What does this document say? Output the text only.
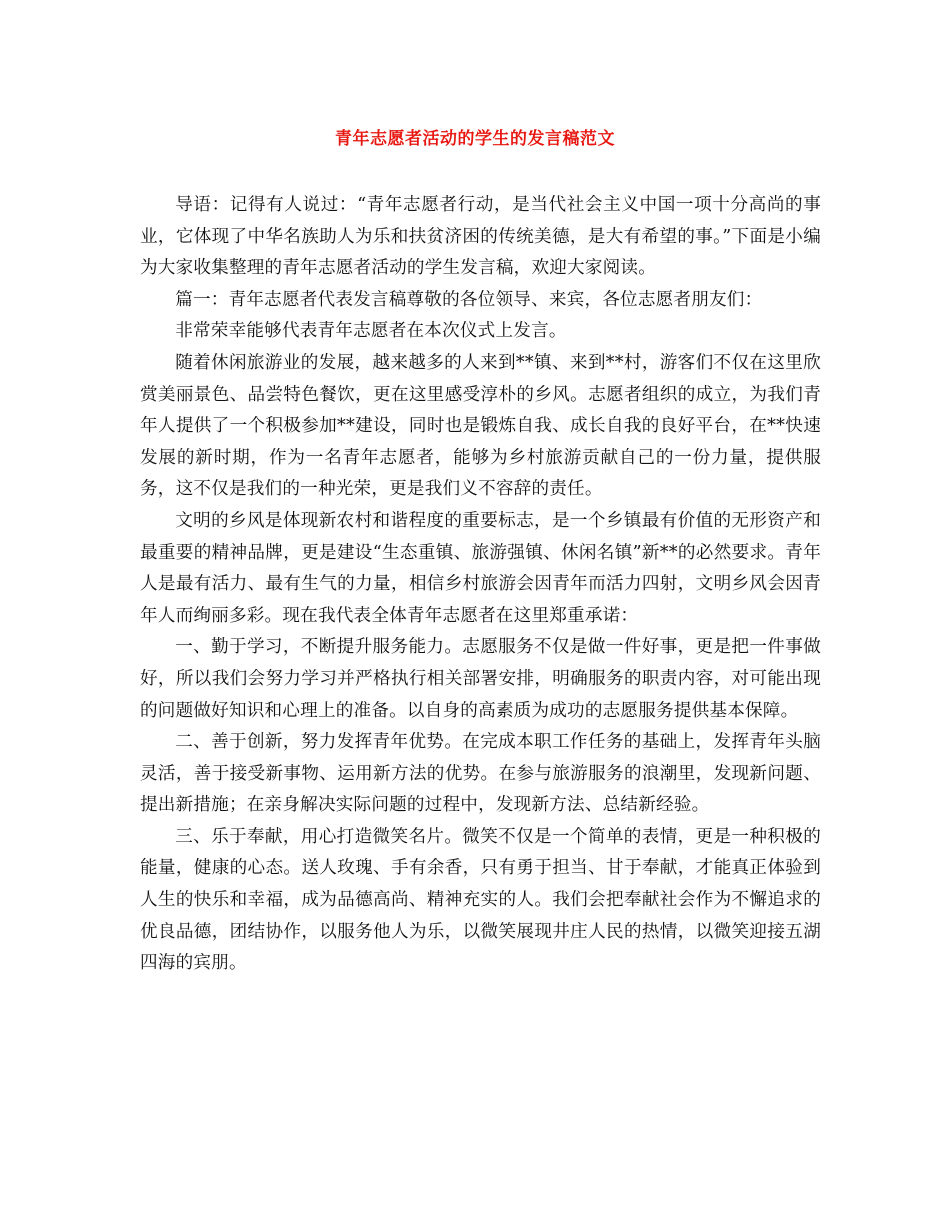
青年志愿者活动的学生的发言稿范文

导语：记得有人说过：“青年志愿者行动，是当代社会主义中国一项十分高尚的事业，它体现了中华名族助人为乐和扶贫济困的传统美德，是大有希望的事。”下面是小编为大家收集整理的青年志愿者活动的学生发言稿，欢迎大家阅读。

篇一：青年志愿者代表发言稿尊敬的各位领导、来宾，各位志愿者朋友们：

非常荣幸能够代表青年志愿者在本次仪式上发言。

随着休闲旅游业的发展，越来越多的人来到**镇、来到**村，游客们不仅在这里欣赏美丽景色、品尝特色餐饮，更在这里感受淳朴的乡风。志愿者组织的成立，为我们青年人提供了一个积极参加**建设，同时也是锻炼自我、成长自我的良好平台，在**快速发展的新时期，作为一名青年志愿者，能够为乡村旅游贡献自己的一份力量，提供服务，这不仅是我们的一种光荣，更是我们义不容辞的责任。

文明的乡风是体现新农村和谐程度的重要标志，是一个乡镇最有价值的无形资产和最重要的精神品牌，更是建设“生态重镇、旅游强镇、休闲名镇”新**的必然要求。青年人是最有活力、最有生气的力量，相信乡村旅游会因青年而活力四射，文明乡风会因青年人而绚丽多彩。现在我代表全体青年志愿者在这里郑重承诺：

一、勤于学习，不断提升服务能力。志愿服务不仅是做一件好事，更是把一件事做好，所以我们会努力学习并严格执行相关部署安排，明确服务的职责内容，对可能出现的问题做好知识和心理上的准备。以自身的高素质为成功的志愿服务提供基本保障。

二、善于创新，努力发挥青年优势。在完成本职工作任务的基础上，发挥青年头脑灵活，善于接受新事物、运用新方法的优势。在参与旅游服务的浪潮里，发现新问题、提出新措施；在亲身解决实际问题的过程中，发现新方法、总结新经验。

三、乐于奉献，用心打造微笑名片。微笑不仅是一个简单的表情，更是一种积极的能量，健康的心态。送人玫瑰、手有余香，只有勇于担当、甘于奉献，才能真正体验到人生的快乐和幸福，成为品德高尚、精神充实的人。我们会把奉献社会作为不懈追求的优良品德，团结协作，以服务他人为乐，以微笑展现井庄人民的热情，以微笑迎接五湖四海的宾朋。
